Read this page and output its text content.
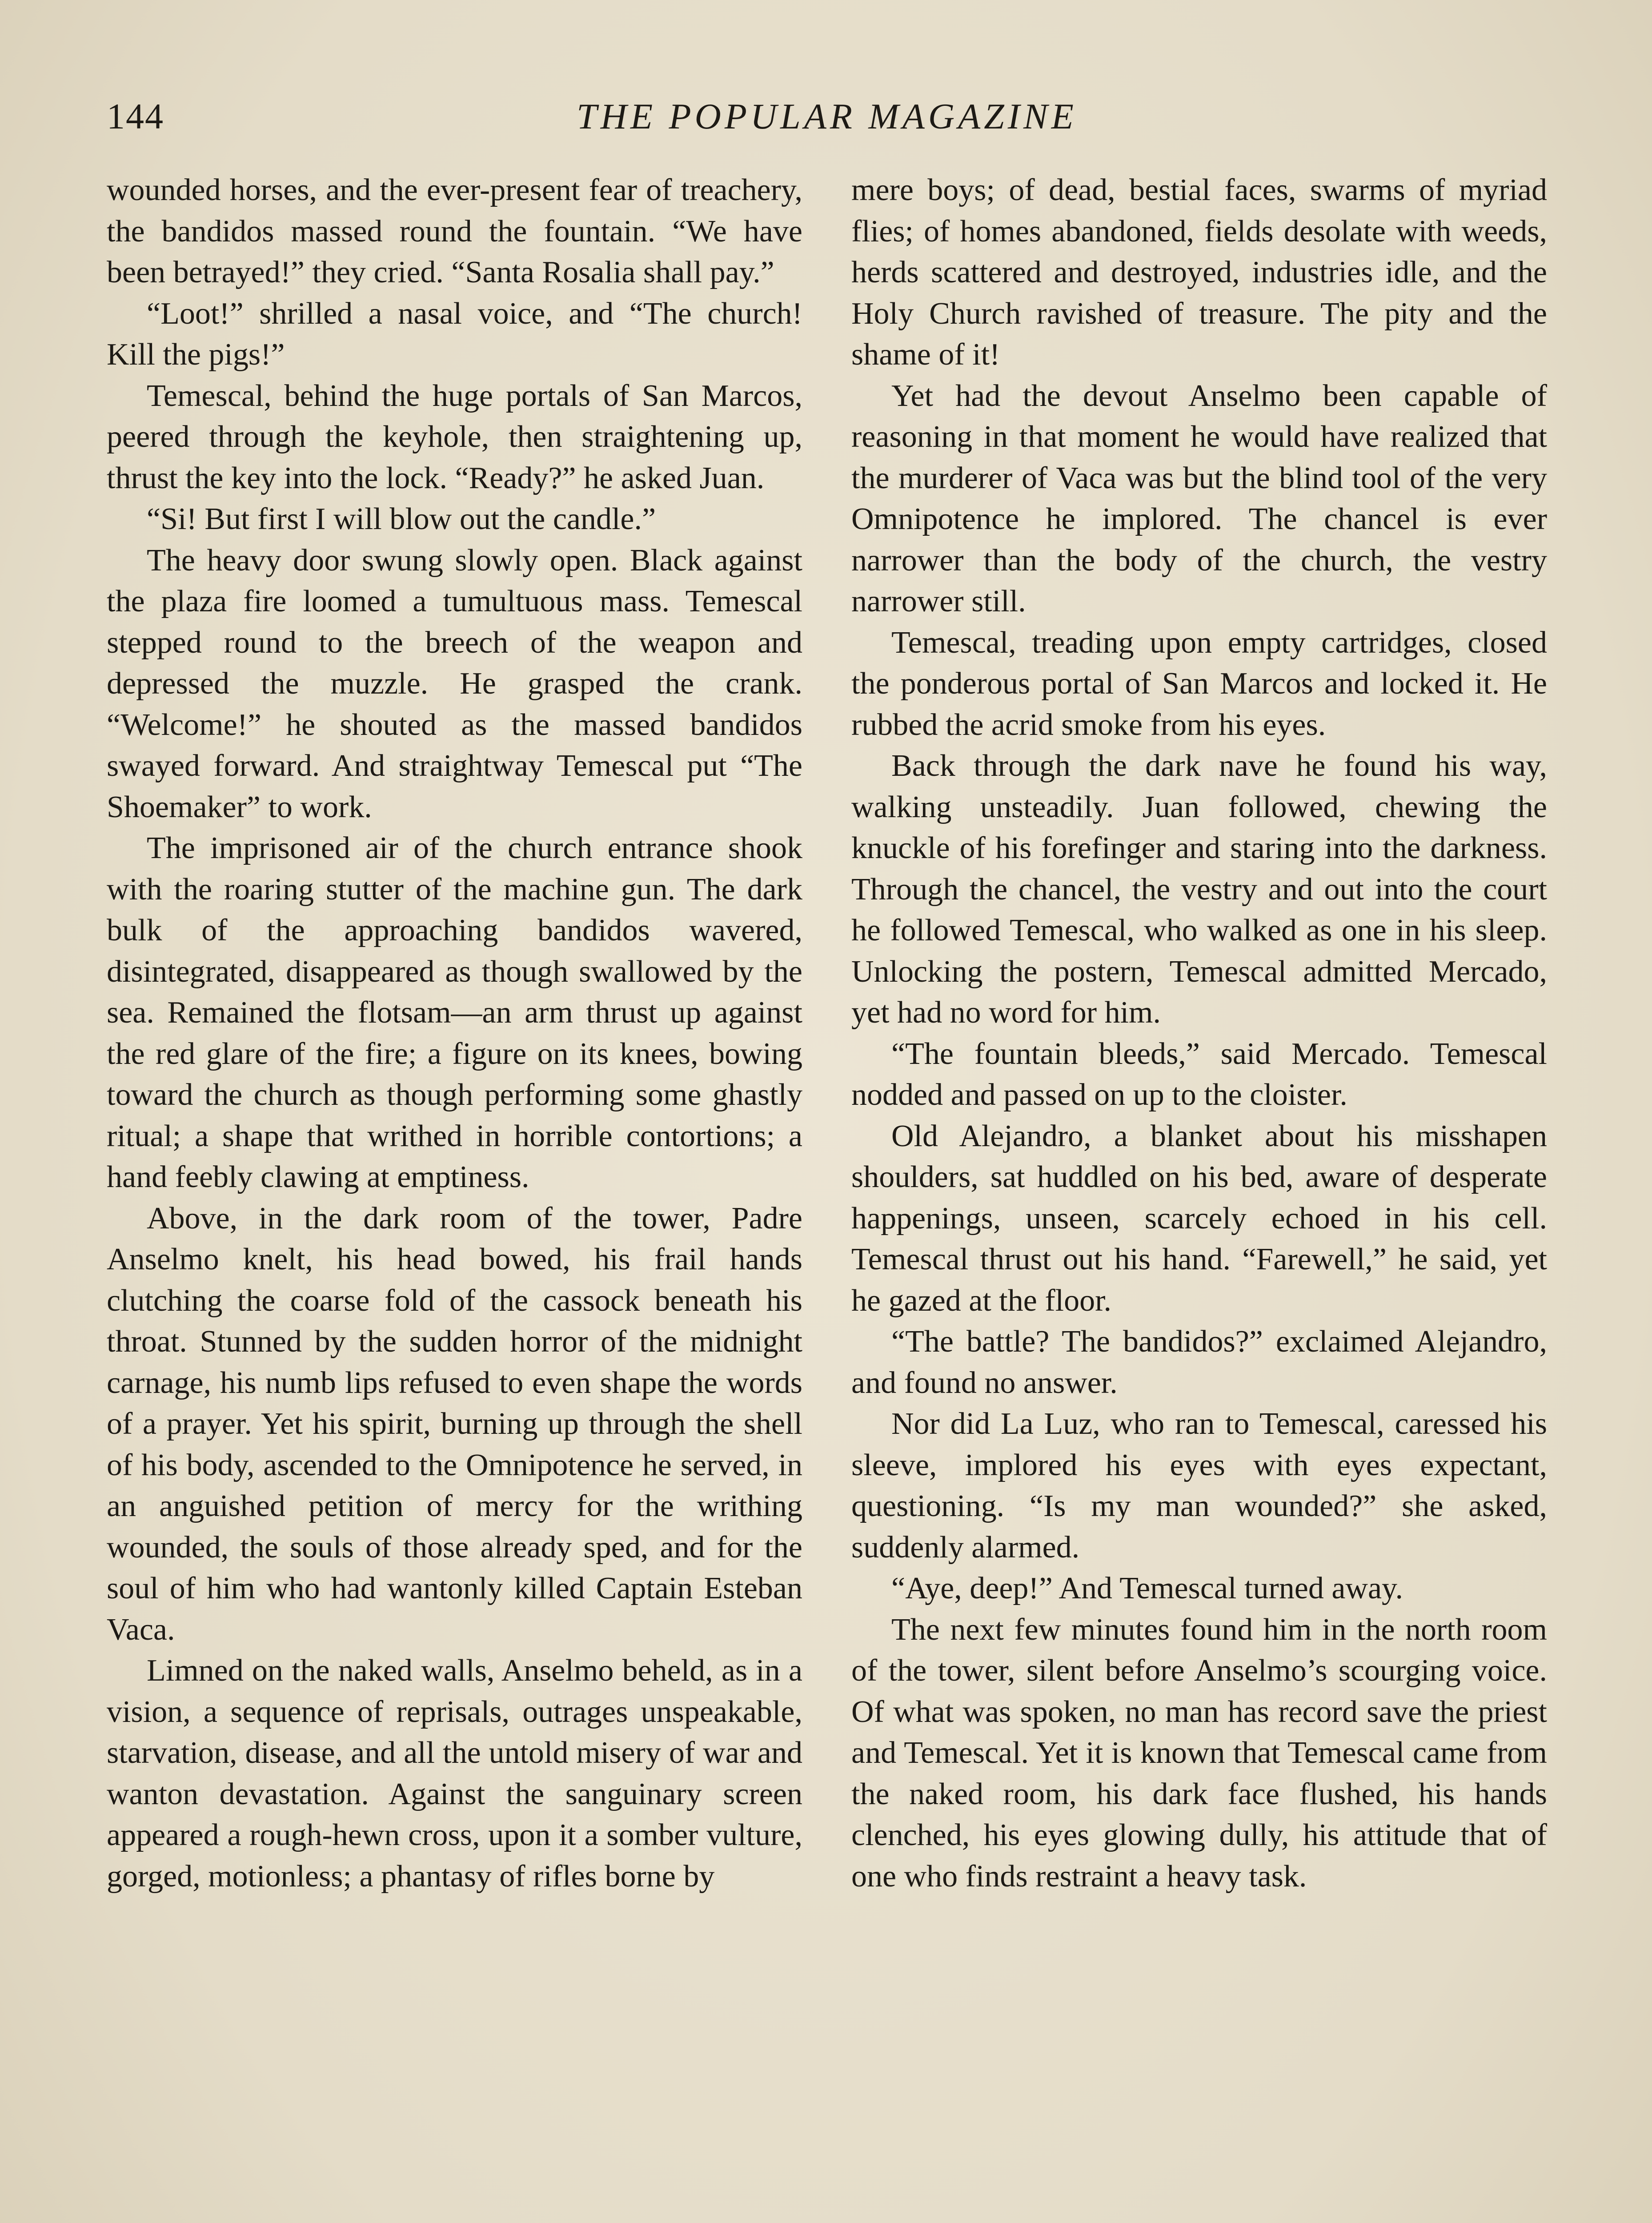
144	THE POPULAR MAGAZINE

wounded horses, and the ever-present fear of treachery, the bandidos massed round the fountain. “We have been betrayed!” they cried. “Santa Rosalia shall pay.”

“Loot!” shrilled a nasal voice, and “The church! Kill the pigs!”

Temescal, behind the huge portals of San Marcos, peered through the keyhole, then straightening up, thrust the key into the lock. “Ready?” he asked Juan.

“Si! But first I will blow out the candle.”

The heavy door swung slowly open. Black against the plaza fire loomed a tumultuous mass. Temescal stepped round to the breech of the weapon and depressed the muzzle. He grasped the crank. “Welcome!” he shouted as the massed bandidos swayed forward. And straightway Temescal put “The Shoemaker” to work.

The imprisoned air of the church entrance shook with the roaring stutter of the machine gun. The dark bulk of the approaching bandidos wavered, disintegrated, disappeared as though swallowed by the sea. Remained the flotsam—an arm thrust up against the red glare of the fire; a figure on its knees, bowing toward the church as though performing some ghastly ritual; a shape that writhed in horrible contortions; a hand feebly clawing at emptiness.

Above, in the dark room of the tower, Padre Anselmo knelt, his head bowed, his frail hands clutching the coarse fold of the cassock beneath his throat. Stunned by the sudden horror of the midnight carnage, his numb lips refused to even shape the words of a prayer. Yet his spirit, burning up through the shell of his body, ascended to the Omnipotence he served, in an anguished petition of mercy for the writhing wounded, the souls of those already sped, and for the soul of him who had wantonly killed Captain Esteban Vaca.

Limned on the naked walls, Anselmo beheld, as in a vision, a sequence of reprisals, outrages unspeakable, starvation, disease, and all the untold misery of war and wanton devastation. Against the sanguinary screen appeared a rough-hewn cross, upon it a somber vulture, gorged, motionless; a phantasy of rifles borne by

mere boys; of dead, bestial faces, swarms of myriad flies; of homes abandoned, fields desolate with weeds, herds scattered and destroyed, industries idle, and the Holy Church ravished of treasure. The pity and the shame of it!

Yet had the devout Anselmo been capable of reasoning in that moment he would have realized that the murderer of Vaca was but the blind tool of the very Omnipotence he implored. The chancel is ever narrower than the body of the church, the vestry narrower still.

Temescal, treading upon empty cartridges, closed the ponderous portal of San Marcos and locked it. He rubbed the acrid smoke from his eyes.

Back through the dark nave he found his way, walking unsteadily. Juan followed, chewing the knuckle of his forefinger and staring into the darkness. Through the chancel, the vestry and out into the court he followed Temescal, who walked as one in his sleep. Unlocking the postern, Temescal admitted Mercado, yet had no word for him.

“The fountain bleeds,” said Mercado. Temescal nodded and passed on up to the cloister.

Old Alejandro, a blanket about his misshapen shoulders, sat huddled on his bed, aware of desperate happenings, unseen, scarcely echoed in his cell. Temescal thrust out his hand. “Farewell,” he said, yet he gazed at the floor.

“The battle? The bandidos?” exclaimed Alejandro, and found no answer.

Nor did La Luz, who ran to Temescal, caressed his sleeve, implored his eyes with eyes expectant, questioning. “Is my man wounded?” she asked, suddenly alarmed.

“Aye, deep!” And Temescal turned away.

The next few minutes found him in the north room of the tower, silent before Anselmo’s scourging voice. Of what was spoken, no man has record save the priest and Temescal. Yet it is known that Temescal came from the naked room, his dark face flushed, his hands clenched, his eyes glowing dully, his attitude that of one who finds restraint a heavy task.
